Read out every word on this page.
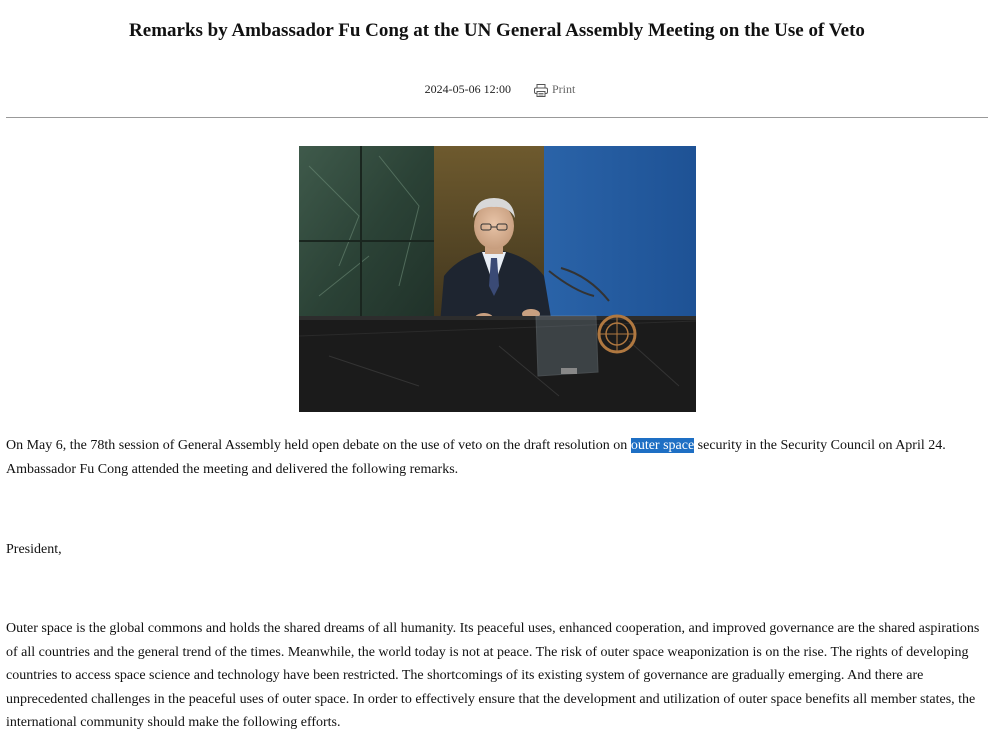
Remarks by Ambassador Fu Cong at the UN General Assembly Meeting on the Use of Veto
2024-05-06 12:00	Print

On May 6, the 78th session of General Assembly held open debate on the use of veto on the draft resolution on outer space security in the Security Council on April 24. Ambassador Fu Cong attended the meeting and delivered the following remarks.

President,

Outer space is the global commons and holds the shared dreams of all humanity. Its peaceful uses, enhanced cooperation, and improved governance are the shared aspirations of all countries and the general trend of the times. Meanwhile, the world today is not at peace. The risk of outer space weaponization is on the rise. The rights of developing countries to access space science and technology have been restricted. The shortcomings of its existing system of governance are gradually emerging. And there are unprecedented challenges in the peaceful uses of outer space. In order to effectively ensure that the development and utilization of outer space benefits all member states, the international community should make the following efforts.
